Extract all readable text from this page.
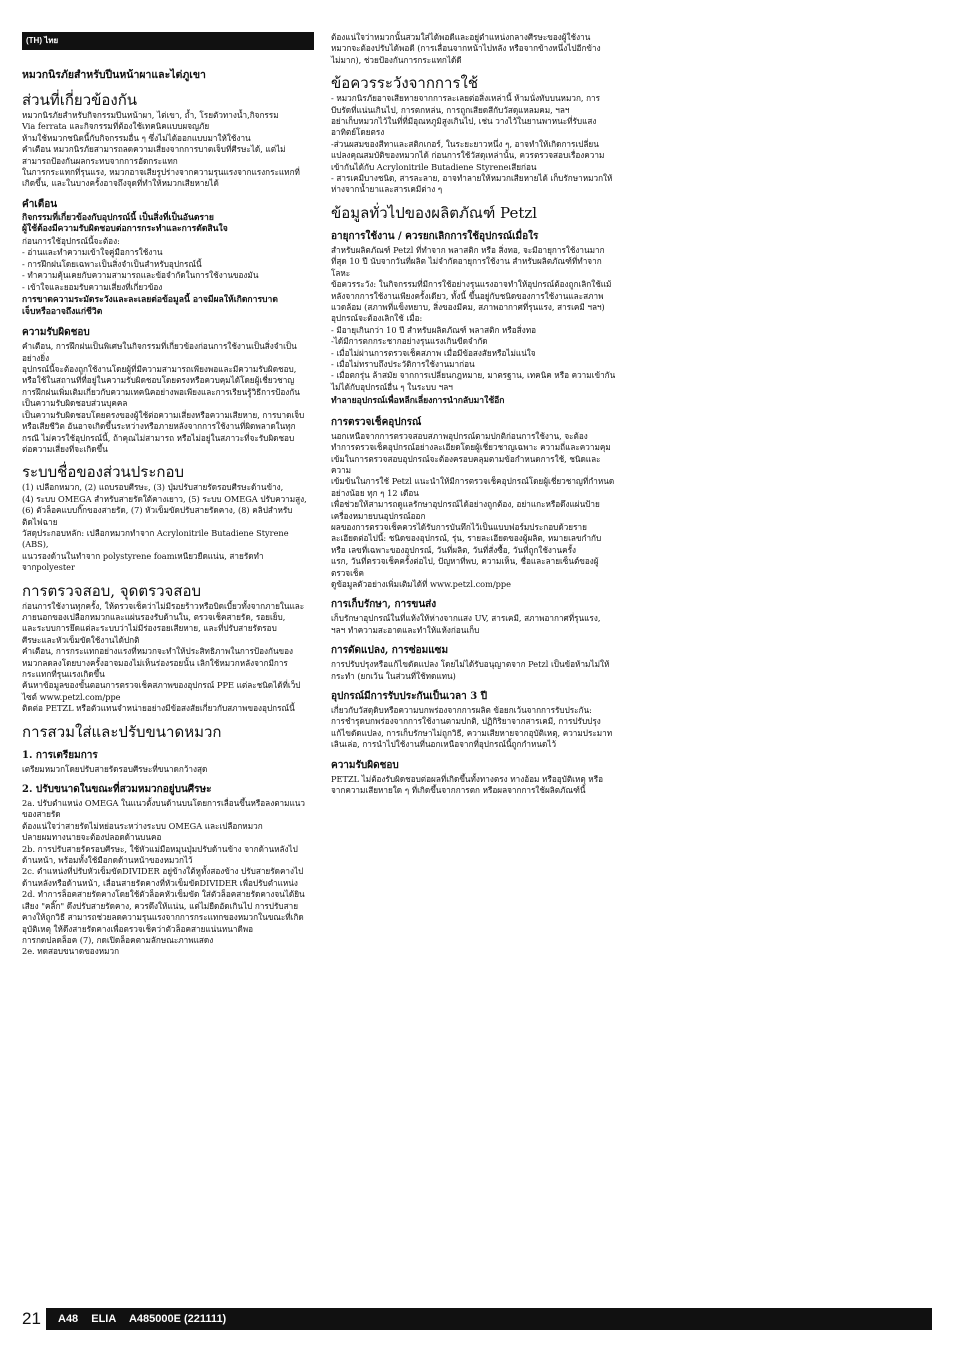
(TH) ไทย
หมวกนิรภัยสำหรับปีนหน้าผาและไต่ภูเขา
ส่วนที่เกี่ยวข้องกัน

หมวกนิรภัยสำหรับกิจกรรมปีนหน้าผา, ไต่เขา, ถ้ำ, โรยตัวทางน้ำ,กิจกรรม

Via ferrata และกิจกรรมที่ต้องใช้เทคนิคแบบผจญภัย

ห้ามใช้หมวกชนิดนี้กับกิจกรรมอื่น ๆ ซึ่งไม่ได้ออกแบบมาให้ใช้งาน

คำเตือน หมวกนิรภัยสามารถลดความเสี่ยงจากการบาดเจ็บที่ศีรษะได้, แต่ไม่

สามารถป้องกันผลกระทบจากการอัดกระแทก

ในการกระแทกที่รุนแรง, หมวกอาจเสียรูปร่างจากความรุนแรงจากแรงกระแทกที่

เกิดขึ้น, และในบางครั้งอาจถึงจุดที่ทำให้หมวกเสียหายได้

คำเตือน

กิจกรรมที่เกี่ยวข้องกับอุปกรณ์นี้ เป็นสิ่งที่เป็นอันตราย

ผู้ใช้ต้องมีความรับผิดชอบต่อการกระทำและการตัดสินใจ

ก่อนการใช้อุปกรณ์นี้จะต้อง:

- อ่านและทำความเข้าใจคู่มือการใช้งาน

- การฝึกฝนโดยเฉพาะเป็นสิ่งจำเป็นสำหรับอุปกรณ์นี้

- ทำความคุ้นเคยกับความสามารถและข้อจำกัดในการใช้งานของมัน

- เข้าใจและยอมรับความเสี่ยงที่เกี่ยวข้อง

การขาดความระมัดระวังและละเลยต่อข้อมูลนี้ อาจมีผลให้เกิดการบาด

เจ็บหรืออาจถึงแก่ชีวิต

ความรับผิดชอบ

คำเตือน, การฝึกฝนเป็นพิเศษในกิจกรรมที่เกี่ยวข้องก่อนการใช้งานเป็นสิ่งจำเป็น

อย่างยิ่ง

อุปกรณ์นี้จะต้องถูกใช้งานโดยผู้ที่มีความสามารถเพียงพอและมีความรับผิดชอบ,

หรือใช้ในสถานที่ที่อยู่ในความรับผิดชอบโดยตรงหรือควบคุมได้โดยผู้เชี่ยวชาญ

การฝึกฝนเพิ่มเติมเกี่ยวกับความเทคนิคอย่างพอเพียงและการเรียนรู้วิธีการป้องกัน

เป็นความรับผิดชอบส่วนบุคคล

เป็นความรับผิดชอบโดยตรงของผู้ใช้ต่อความเสี่ยงหรือความเสียหาย, การบาดเจ็บ

หรือเสียชีวิต อันอาจเกิดขึ้นระหว่างหรือภายหลังจากการใช้งานที่ผิดพลาดในทุก

กรณี ไม่ควรใช้อุปกรณ์นี้, ถ้าคุณไม่สามารถ หรือไม่อยู่ในสภาวะที่จะรับผิดชอบ

ต่อความเสี่ยงที่จะเกิดขึ้น

ระบบชื่อของส่วนประกอบ

(1) เปลือกหมวก, (2) แถบรอบศีรษะ, (3) ปุ่มปรับสายรัดรอบศีรษะด้านข้าง,

(4) ระบบ OMEGA สำหรับสายรัดใต้คางเยาว, (5) ระบบ OMEGA ปรับความสูง,

(6) ตัวล็อคแบบกิ๊กของสายรัด, (7) หัวเข็มขัดปรับสายรัดคาง, (8) คลิปสำหรับ

ติดไฟฉาย

วัสดุประกอบหลัก: เปลือกหมวกทำจาก Acrylonitrile Butadiene Styrene (ABS),

แนวรองด้านในทำจาก polystyrene foamเหนียวยืดแน่น, สายรัดทำจากpolyester

การตรวจสอบ, จุดตรวจสอบ

ก่อนการใช้งานทุกครั้ง, ให้ตรวจเช็คว่าไม่มีรอยร้าวหรือบิดเบี้ยวทั้งจากภายในและ

ภายนอกของเปลือกหมวกและแผ่นรองรับด้านใน, ตรวจเช็คสายรัด, รอยเย็บ,

และระบบการยึดแต่ละระบบว่าไม่มีร่องรอยเสียหาย, และที่ปรับสายรัดรอบ

ศีรษะและหัวเข็มขัดใช้งานได้ปกติ

คำเตือน, การกระแทกอย่างแรงที่หมวกจะทำให้ประสิทธิภาพในการป้องกันของ

หมวกลดลงโดยบางครั้งอาจมองไม่เห็นร่องรอยนั้น เลิกใช้หมวกหลังจากมีการ

กระแทกที่รุนแรงเกิดขึ้น

ค้นหาข้อมูลของขั้นตอนการตรวจเช็คสภาพของอุปกรณ์ PPE แต่ละชนิดได้ที่เว็ป

ไซต์ www.petzl.com/ppe

ติดต่อ PETZL หรือตัวแทนจำหน่ายอย่างมีข้อสงสัยเกี่ยวกับสภาพของอุปกรณ์นี้

การสวมใส่และปรับขนาดหมวก
1. การเตรียมการ

เตรียมหมวกโดยปรับสายรัดรอบศีรษะที่ขนาดกว้างสุด

2. ปรับขนาดในขณะที่สวมหมวกอยู่บนศีรษะ

2a. ปรับตำแหน่ง OMEGA ในแนวตั้งบนด้านบนโดยการเลื่อนขึ้นหรือลงตามแนว

ของสายรัด

ต้องแน่ใจว่าสายรัดไม่หย่อนระหว่างระบบ OMEGA และเปลือกหมวก

ปลายผมทางนายจะต้องปลอดด้านบนคอ

2b. การปรับสายรัดรอบศีรษะ, ใช้หัวแม่มือหมุนปุ่มปรับด้านข้าง จากด้านหลังไป

ด้านหน้า, พร้อมทั้งใช้มือกดด้านหน้าของหมวกไว้

2c. ตำแหน่งที่ปรับหัวเข็มขัดDIVIDER อยู่ข้างใต้หูทั้งสองข้าง ปรับสายรัดคางไป

ด้านหลังหรือด้านหน้า, เลื่อนสายรัดคางที่หัวเข็มขัดDIVIDER เพื่อปรับตำแหน่ง

2d. ทำการล็อคสายรัดคางโดยใช้ตัวล็อคหัวเข็มขัด ใส่ตัวล็อคสายรัดคางจนได้ยิน

เสียง "คลิ๊ก" ดึงปรับสายรัดคาง, ควรดึงให้แน่น, แต่ไม่ยืดอัดเกินไป การปรับสาย

คางให้ถูกวิธี สามารถช่วยลดความรุนแรงจากการกระแทกของหมวกในขณะที่เกิด

อุบัติเหตุ ให้ดึงสายรัดคางเพื่อตรวจเช็คว่าตัวล็อคสายแน่นหนาดีพอ

การกดปลดล็อค (7), กดเปิดล็อคตามลักษณะภาพแสดง

2e. ทดสอบขนาดของหมวก

ต้องแน่ใจว่าหมวกนั้นสวมใส่ได้พอดีและอยู่ตำแหน่งกลางศีรษะของผู้ใช้งาน

หมวกจะต้องปรับได้พอดี (การเลื่อนจากหน้าไปหลัง หรือจากข้างหนึ่งไปอีกข้าง

ไม่มาก), ช่วยป้องกันการกระแทกได้ดี

ข้อควรระวังจากการใช้

- หมวกนิรภัยอาจเสียหายจากการละเลยต่อสิ่งเหล่านี้ ห้ามนั่งทับบนหมวก, การ

บีบรัดที่แน่นเกินไป, การตกหล่น, การถูกเสียดสีกับวัสดุแหลมคม, ฯลฯ

อย่าเก็บหมวกไว้ในที่ที่มีอุณหภูมิสูงเกินไป, เช่น วางไว้ในยานพาหนะที่รับแสง

อาทิตย์โดยตรง

-ส่วนผสมของสีทาและสติกเกอร์, ในระยะยาวหนึ่ง ๆ, อาจทำให้เกิดการเปลี่ยน

แปลงคุณสมบัติของหมวกได้ ก่อนการใช้วัสดุเหล่านั้น, ควรตรวจสอบเรื่องความ

เข้ากันได้กับ Acrylonitrile Butadiene Styreneเสียก่อน

- สารเคมีบางชนิด, สารละลาย, อาจทำลายให้หมวกเสียหายได้ เก็บรักษาหมวกให้

ห่างจากน้ำยาและสารเคมีต่าง ๆ

ข้อมูลทั่วไปของผลิตภัณฑ์ Petzl
อายุการใช้งาน / ควรยกเลิกการใช้อุปกรณ์เมื่อใร

สำหรับผลิตภัณฑ์ Petzl ที่ทำจาก พลาสติก หรือ สิ่งทอ, จะมีอายุการใช้งานมาก

ที่สุด 10 ปี นับจากวันที่ผลิต ไม่จำกัดอายุการใช้งาน สำหรับผลิตภัณฑ์ที่ทำจาก

โลหะ

ข้อควรระวัง: ในกิจกรรมที่มีการใช้อย่างรุนแรงอาจทำให้อุปกรณ์ต้องถูกเลิกใช้แม้

หลังจากการใช้งานเพียงครั้งเดียว, ทั้งนี้ ขึ้นอยู่กับชนิดของการใช้งานและสภาพ

แวดล้อม (สภาพที่แข็งหยาบ, สิ่งของมีคม, สภาพอากาศที่รุนแรง, สารเคมี ฯลฯ)

อุปกรณ์จะต้องเลิกใช้ เมื่อ:

- มีอายุเกินกว่า 10 ปี สำหรับผลิตภัณฑ์ พลาสติก หรือสิ่งทอ

-ได้มีการตกกระชากอย่างรุนแรงเกินขีดจำกัด

- เมื่อไม่ผ่านการตรวจเช็คสภาพ เมื่อมีข้อสงสัยหรือไม่แน่ใจ

- เมื่อไม่ทราบถึงประวัติการใช้งานมาก่อน

- เมื่อตกรุ่น ล้าสมัย จากการเปลี่ยนกฎหมาย, มาตรฐาน, เทคนิค หรือ ความเข้ากัน

ไม่ได้กับอุปกรณ์อื่น ๆ ในระบบ ฯลฯ

ทำลายอุปกรณ์เพื่อหลีกเลี่ยงการนำกลับมาใช้อีก

การตรวจเช็คอุปกรณ์

นอกเหนือจากการตรวจสอบสภาพอุปกรณ์ตามปกติก่อนการใช้งาน, จะต้อง

ทำการตรวจเช็คอุปกรณ์อย่างละเอียดโดยผู้เชี่ยวชาญเฉพาะ ความถี่และความคุม

เข้มในการตรวจสอบอุปกรณ์จะต้องครอบคลุมตามข้อกำหนดการใช้, ชนิดและความ

เข้มข้นในการใช้ Petzl แนะนำให้มีการตรวจเช็คอุปกรณ์โดยผู้เชี่ยวชาญที่กำหนด

อย่างน้อย ทุก ๆ 12 เดือน

เพื่อช่วยให้สามารถดูแลรักษาอุปกรณ์ได้อย่างถูกต้อง, อย่าแกะหรือดึงแผ่นป้าย

เครื่องหมายบนอุปกรณ์ออก

ผลของการตรวจเช็คควรได้รับการบันทึกไว้เป็นแบบฟอร์มประกอบด้วยราย

ละเอียดต่อไปนี้: ชนิดของอุปกรณ์, รุ่น, รายละเอียดของผู้ผลิต, หมายเลขกำกับ

หรือ เลขที่เฉพาะของอุปกรณ์, วันที่ผลิต, วันที่สั่งซื้อ, วันที่ถูกใช้งานครั้ง

แรก, วันที่ตรวจเช็คครั้งต่อไป, ปัญหาที่พบ, ความเห็น, ชื่อและลายเซ็นต์ของผู้

ตรวจเช็ค

ดูข้อมูลตัวอย่างเพิ่มเติมได้ที่ www.petzl.com/ppe

การเก็บรักษา, การขนส่ง

เก็บรักษาอุปกรณ์ในที่แห้งให้ห่างจากแสง UV, สารเคมี, สภาพอากาศที่รุนแรง,

ฯลฯ ทำความสะอาดและทำให้แห้งก่อนเก็บ

การดัดแปลง, การซ่อมแซม

การปรับปรุงหรือแก้ไขดัดแปลง โดยไม่ได้รับอนุญาตจาก Petzl เป็นข้อห้ามไม่ให้

กระทำ (ยกเว้น ในส่วนที่ใช้ทดแทน)

อุปกรณ์มีการรับประกันเป็นเวลา 3 ปี

เกี่ยวกับวัสดุดิบหรือความบกพร่องจากการผลิต ข้อยกเว้นจากการรับประกัน:

การชำรุดบกพร่องจากการใช้งานตามปกติ, ปฏิกิริยาจากสารเคมี, การปรับปรุง

แก้ไขดัดแปลง, การเก็บรักษาไม่ถูกวิธี, ความเสียหายจากอุบัติเหตุ, ความประมาท

เลินเล่อ, การนำไปใช้งานที่นอกเหนือจากที่อุปกรณ์นี้ถูกกำหนดไว้

ความรับผิดชอบ

PETZL ไม่ต้องรับผิดชอบต่อผลที่เกิดขึ้นทั้งทางตรง ทางอ้อม หรืออุบัติเหตุ หรือ

จากความเสียหายใด ๆ ที่เกิดขึ้นจากการตก หรือผลจากการใช้ผลิตภัณฑ์นี้

21	A48 ELIA A485000E (221111)
